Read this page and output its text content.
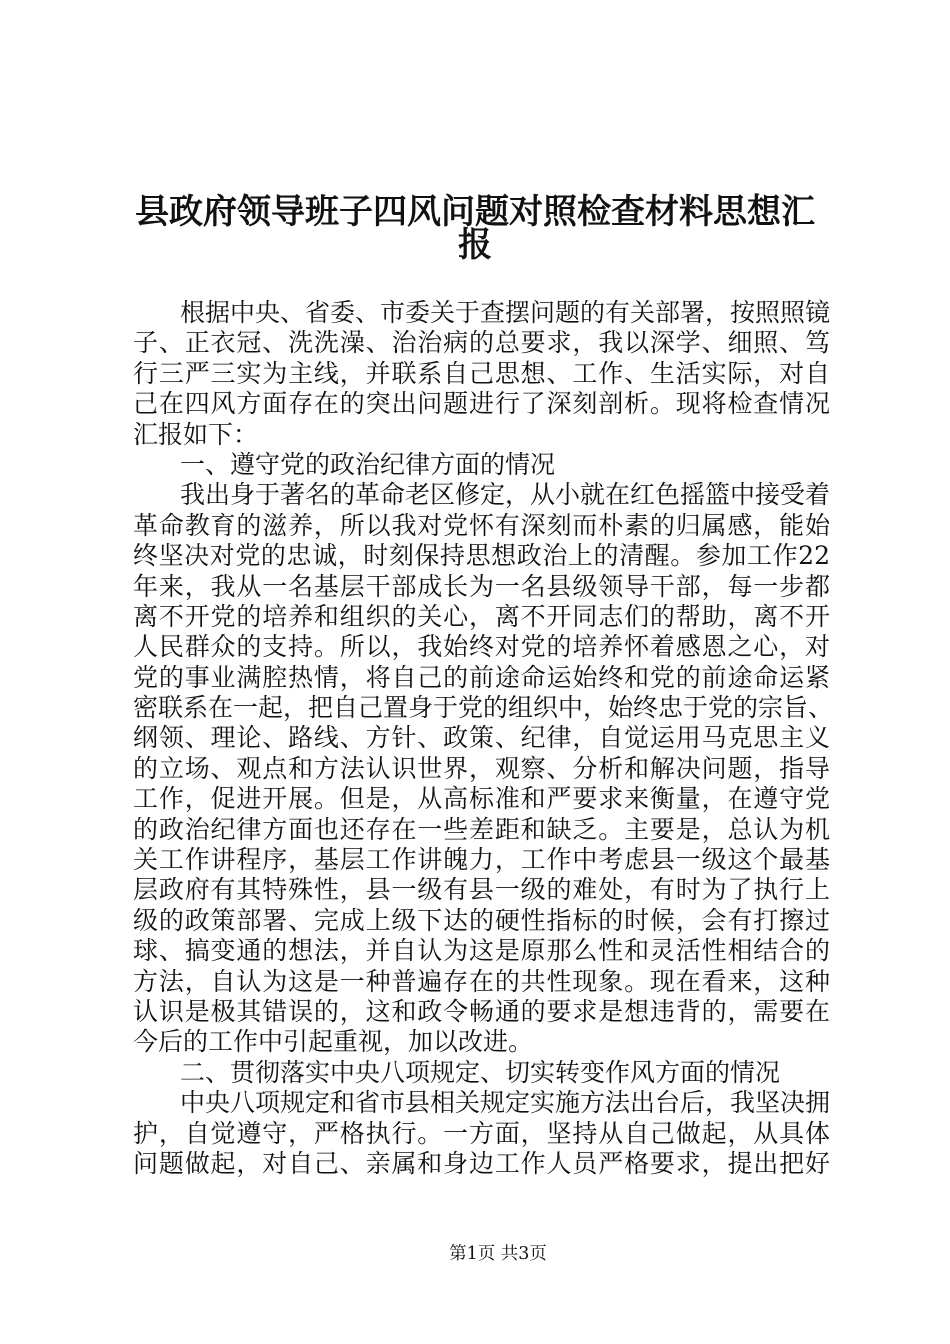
县政府领导班子四风问题对照检查材料思想汇
报
根据中央、省委、市委关于查摆问题的有关部署，按照照镜
子、正衣冠、洗洗澡、治治病的总要求，我以深学、细照、笃
行三严三实为主线，并联系自己思想、工作、生活实际，对自
己在四风方面存在的突出问题进行了深刻剖析。现将检查情况
汇报如下：
一、遵守党的政治纪律方面的情况
我出身于著名的革命老区修定，从小就在红色摇篮中接受着
革命教育的滋养，所以我对党怀有深刻而朴素的归属感，能始
终坚决对党的忠诚，时刻保持思想政治上的清醒。参加工作22
年来，我从一名基层干部成长为一名县级领导干部，每一步都
离不开党的培养和组织的关心，离不开同志们的帮助，离不开
人民群众的支持。所以，我始终对党的培养怀着感恩之心，对
党的事业满腔热情，将自己的前途命运始终和党的前途命运紧
密联系在一起，把自己置身于党的组织中，始终忠于党的宗旨、
纲领、理论、路线、方针、政策、纪律，自觉运用马克思主义
的立场、观点和方法认识世界，观察、分析和解决问题，指导
工作，促进开展。但是，从高标准和严要求来衡量，在遵守党
的政治纪律方面也还存在一些差距和缺乏。主要是，总认为机
关工作讲程序，基层工作讲魄力，工作中考虑县一级这个最基
层政府有其特殊性，县一级有县一级的难处，有时为了执行上
级的政策部署、完成上级下达的硬性指标的时候，会有打擦过
球、搞变通的想法，并自认为这是原那么性和灵活性相结合的
方法，自认为这是一种普遍存在的共性现象。现在看来，这种
认识是极其错误的，这和政令畅通的要求是想违背的，需要在
今后的工作中引起重视，加以改进。
二、贯彻落实中央八项规定、切实转变作风方面的情况
中央八项规定和省市县相关规定实施方法出台后，我坚决拥
护，自觉遵守，严格执行。一方面，坚持从自己做起，从具体
问题做起，对自己、亲属和身边工作人员严格要求，提出把好
第1页 共3页
